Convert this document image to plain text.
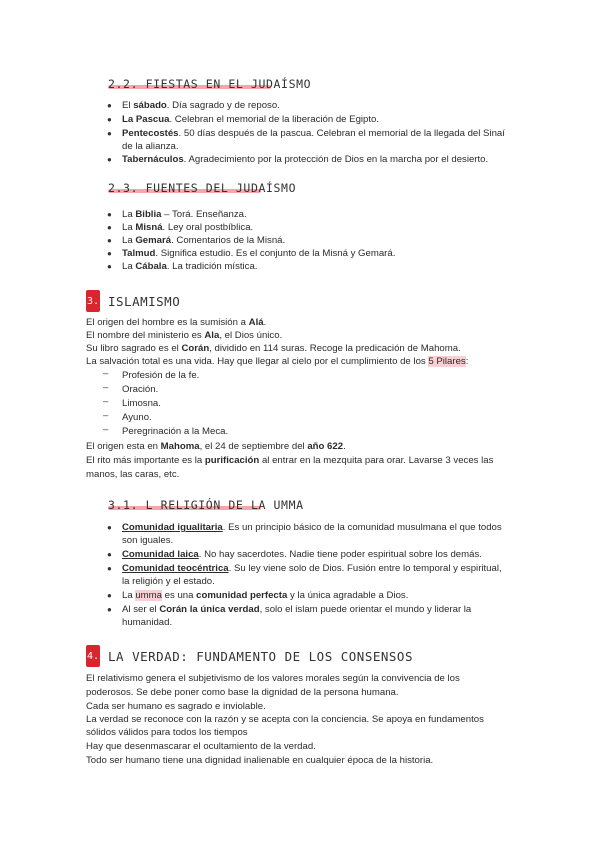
2.2. FIESTAS EN EL JUDAÍSMO
● El sábado. Día sagrado y de reposo.
● La Pascua. Celebran el memorial de la liberación de Egipto.
● Pentecostés. 50 días después de la pascua. Celebran el memorial de la llegada del Sinaí
de la alianza.
● Tabernáculos. Agradecimiento por la protección de Dios en la marcha por el desierto.
2.3. FUENTES DEL JUDAÍSMO
● La Biblia – Torá. Enseñanza.
● La Misná. Ley oral postbíblica.
● La Gemará. Comentarios de la Misná.
● Talmud. Significa estudio. Es el conjunto de la Misná y Gemará.
● La Cábala. La tradición mística.
3. ISLAMISMO
El origen del hombre es la sumisión a Alá.
El nombre del ministerio es Ala, el Dios único.
Su libro sagrado es el Corán, dividido en 114 suras. Recoge la predicación de Mahoma.
La salvación total es una vida. Hay que llegar al cielo por el cumplimiento de los 5 Pilares:
– Profesión de la fe.
– Oración.
– Limosna.
– Ayuno.
– Peregrinación a la Meca.
El origen esta en Mahoma, el 24 de septiembre del año 622.
El rito más importante es la purificación al entrar en la mezquita para orar. Lavarse 3 veces las
manos, las caras, etc.
3.1. L RELIGIÓN DE LA UMMA
● Comunidad igualitaria. Es un principio básico de la comunidad musulmana el que todos
son iguales.
● Comunidad laica. No hay sacerdotes. Nadie tiene poder espiritual sobre los demás.
● Comunidad teocéntrica. Su ley viene solo de Dios. Fusión entre lo temporal y espiritual,
la religión y el estado.
● La umma es una comunidad perfecta y la única agradable a Dios.
● Al ser el Corán la única verdad, solo el islam puede orientar el mundo y liderar la
humanidad.
4. LA VERDAD: FUNDAMENTO DE LOS CONSENSOS
El relativismo genera el subjetivismo de los valores morales según la convivencia de los
poderosos. Se debe poner como base la dignidad de la persona humana.
Cada ser humano es sagrado e inviolable.
La verdad se reconoce con la razón y se acepta con la conciencia. Se apoya en fundamentos
sólidos válidos para todos los tiempos
Hay que desenmascarar el ocultamiento de la verdad.
Todo ser humano tiene una dignidad inalienable en cualquier época de la historia.
